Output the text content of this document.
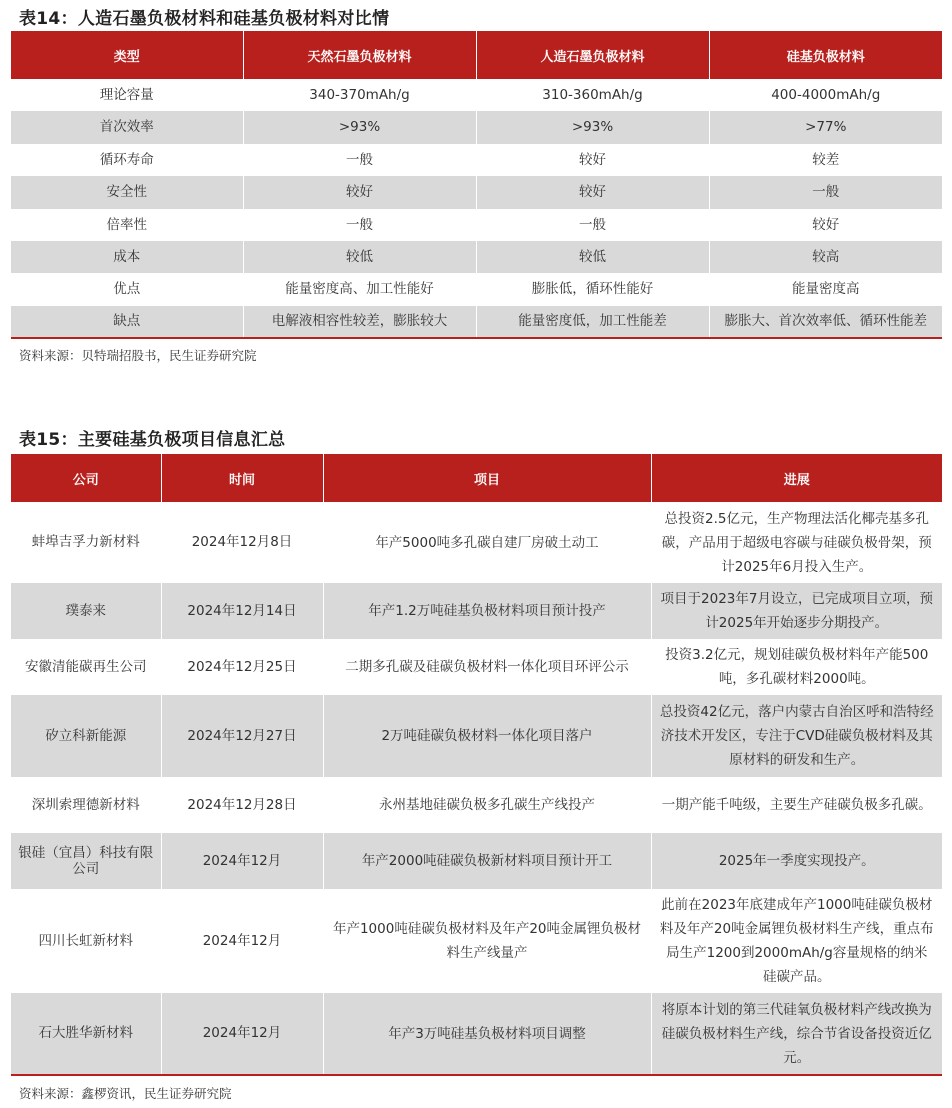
表14：人造石墨负极材料和硅基负极材料对比情
类型	天然石墨负极材料	人造石墨负极材料	硅基负极材料
理论容量	340-370mAh/g	310-360mAh/g	400-4000mAh/g
首次效率	>93%	>93%	>77%
循环寿命	一般	较好	较差
安全性	较好	较好	一般
倍率性	一般	一般	较好
成本	较低	较低	较高
优点	能量密度高、加工性能好	膨胀低，循环性能好	能量密度高
缺点	电解液相容性较差，膨胀较大	能量密度低，加工性能差	膨胀大、首次效率低、循环性能差
资料来源：贝特瑞招股书，民生证券研究院
表15：主要硅基负极项目信息汇总
公司	时间	项目	进展
蚌埠吉孚力新材料	2024年12月8日	年产5000吨多孔碳自建厂房破土动工	总投资2.5亿元，生产物理法活化椰壳基多孔碳，产品用于超级电容碳与硅碳负极骨架，预计2025年6月投入生产。
璞泰来	2024年12月14日	年产1.2万吨硅基负极材料项目预计投产	项目于2023年7月设立，已完成项目立项，预计2025年开始逐步分期投产。
安徽清能碳再生公司	2024年12月25日	二期多孔碳及硅碳负极材料一体化项目环评公示	投资3.2亿元，规划硅碳负极材料年产能500吨，多孔碳材料2000吨。
矽立科新能源	2024年12月27日	2万吨硅碳负极材料一体化项目落户	总投资42亿元，落户内蒙古自治区呼和浩特经济技术开发区，专注于CVD硅碳负极材料及其原材料的研发和生产。
深圳索理德新材料	2024年12月28日	永州基地硅碳负极多孔碳生产线投产	一期产能千吨级，主要生产硅碳负极多孔碳。
银硅（宜昌）科技有限公司	2024年12月	年产2000吨硅碳负极新材料项目预计开工	2025年一季度实现投产。
四川长虹新材料	2024年12月	年产1000吨硅碳负极材料及年产20吨金属锂负极材料生产线量产	此前在2023年底建成年产1000吨硅碳负极材料及年产20吨金属锂负极材料生产线，重点布局生产1200到2000mAh/g容量规格的纳米硅碳产品。
石大胜华新材料	2024年12月	年产3万吨硅基负极材料项目调整	将原本计划的第三代硅氧负极材料产线改换为硅碳负极材料生产线，综合节省设备投资近亿元。
资料来源：鑫椤资讯，民生证券研究院
